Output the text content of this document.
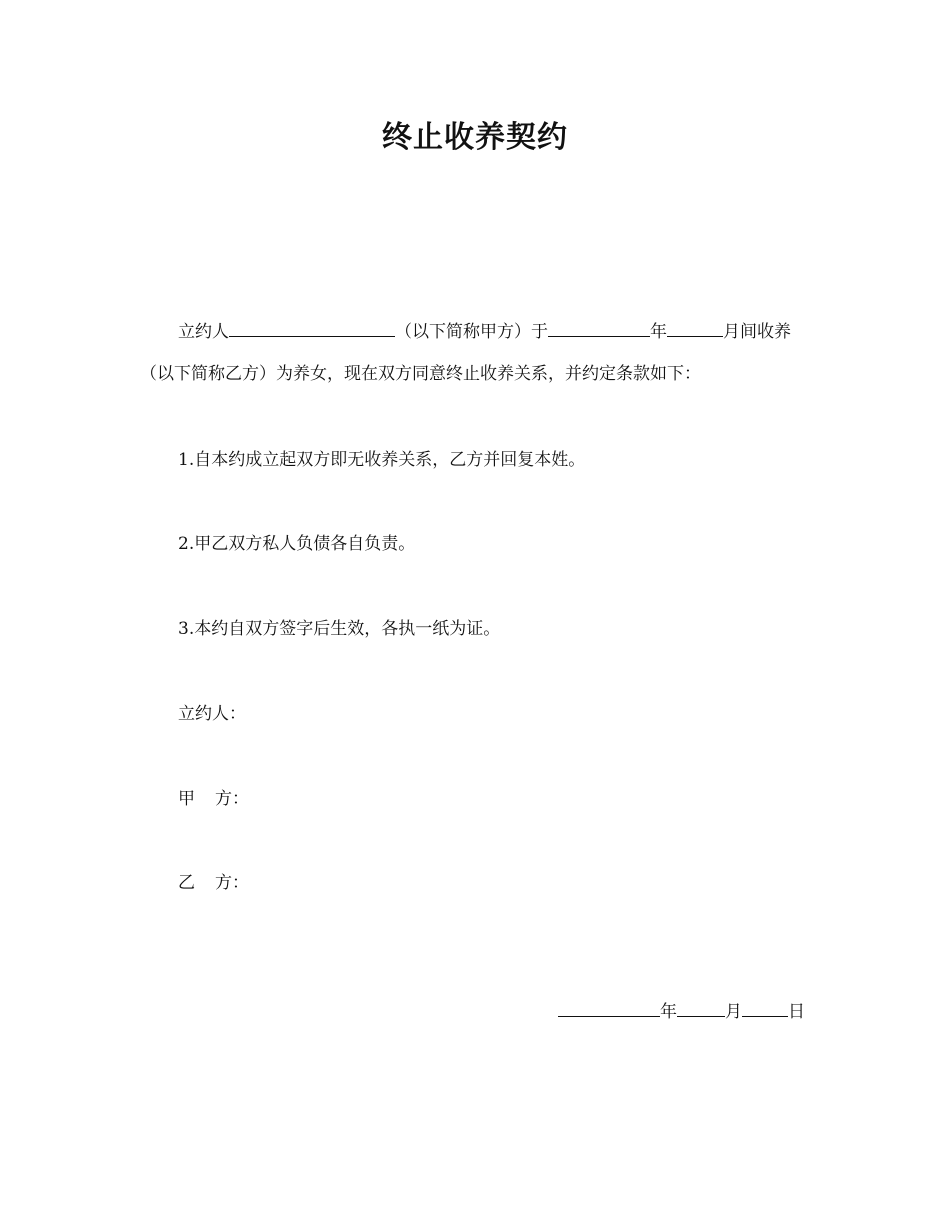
终止收养契约
立约人	（以下简称甲方）于	年	月间收养
（以下简称乙方）为养女，现在双方同意终止收养关系，并约定条款如下：
1.自本约成立起双方即无收养关系，乙方并回复本姓。
2.甲乙双方私人负债各自负责。
3.本约自双方签字后生效，各执一纸为证。
立约人：
甲 方：
乙 方：
年	月	日
